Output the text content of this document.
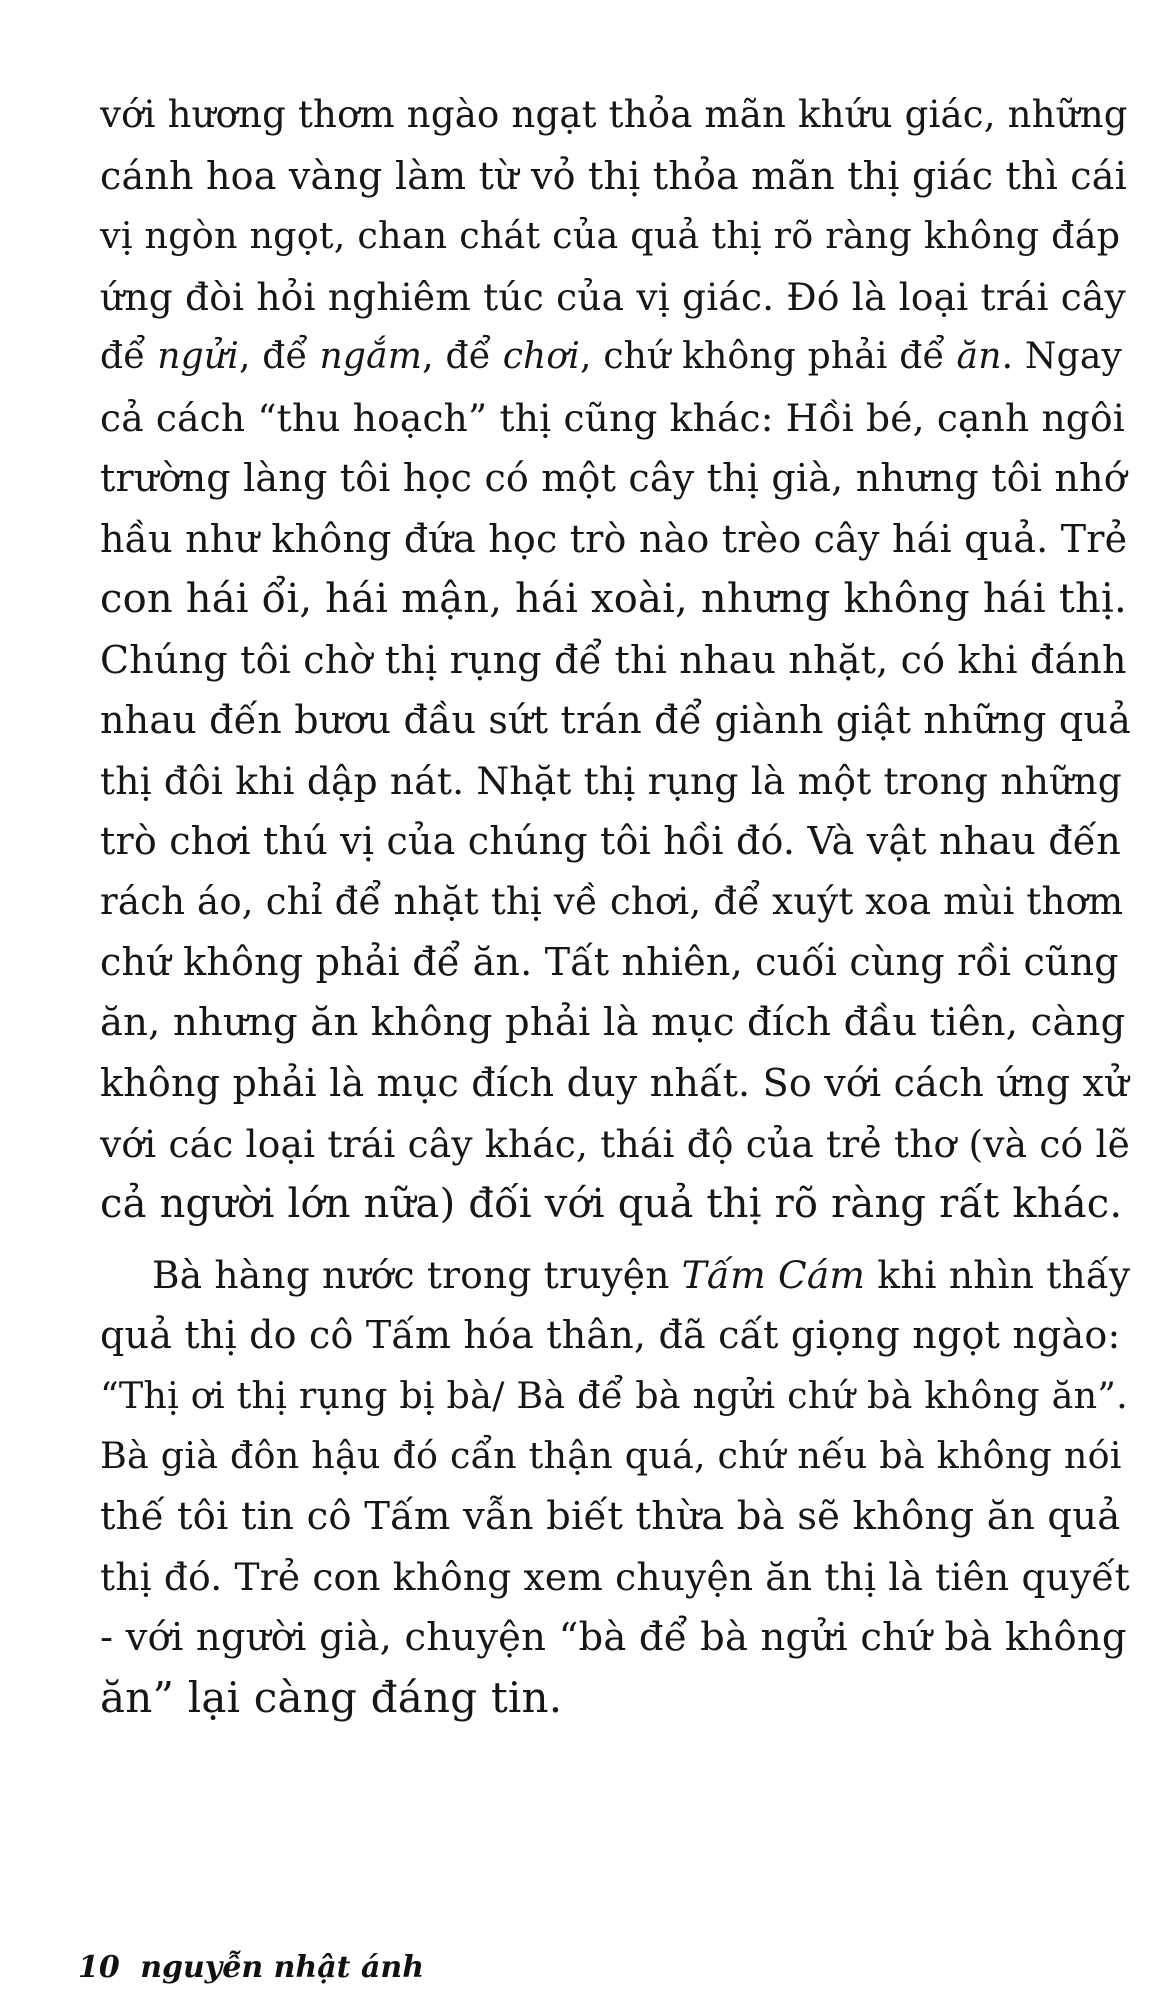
với hương thơm ngào ngạt thỏa mãn khứu giác, những
cánh hoa vàng làm từ vỏ thị thỏa mãn thị giác thì cái
vị ngòn ngọt, chan chát của quả thị rõ ràng không đáp
ứng đòi hỏi nghiêm túc của vị giác. Đó là loại trái cây
để ngửi, để ngắm, để chơi, chứ không phải để ăn. Ngay
cả cách “thu hoạch” thị cũng khác: Hồi bé, cạnh ngôi
trường làng tôi học có một cây thị già, nhưng tôi nhớ
hầu như không đứa học trò nào trèo cây hái quả. Trẻ
con hái ổi, hái mận, hái xoài, nhưng không hái thị.
Chúng tôi chờ thị rụng để thi nhau nhặt, có khi đánh
nhau đến bươu đầu sứt trán để giành giật những quả
thị đôi khi dập nát. Nhặt thị rụng là một trong những
trò chơi thú vị của chúng tôi hồi đó. Và vật nhau đến
rách áo, chỉ để nhặt thị về chơi, để xuýt xoa mùi thơm
chứ không phải để ăn. Tất nhiên, cuối cùng rồi cũng
ăn, nhưng ăn không phải là mục đích đầu tiên, càng
không phải là mục đích duy nhất. So với cách ứng xử
với các loại trái cây khác, thái độ của trẻ thơ (và có lẽ
cả người lớn nữa) đối với quả thị rõ ràng rất khác.
Bà hàng nước trong truyện Tấm Cám khi nhìn thấy
quả thị do cô Tấm hóa thân, đã cất giọng ngọt ngào:
“Thị ơi thị rụng bị bà/ Bà để bà ngửi chứ bà không ăn”.
Bà già đôn hậu đó cẩn thận quá, chứ nếu bà không nói
thế tôi tin cô Tấm vẫn biết thừa bà sẽ không ăn quả
thị đó. Trẻ con không xem chuyện ăn thị là tiên quyết
- với người già, chuyện “bà để bà ngửi chứ bà không
ăn” lại càng đáng tin.
10 nguyễn nhật ánh
